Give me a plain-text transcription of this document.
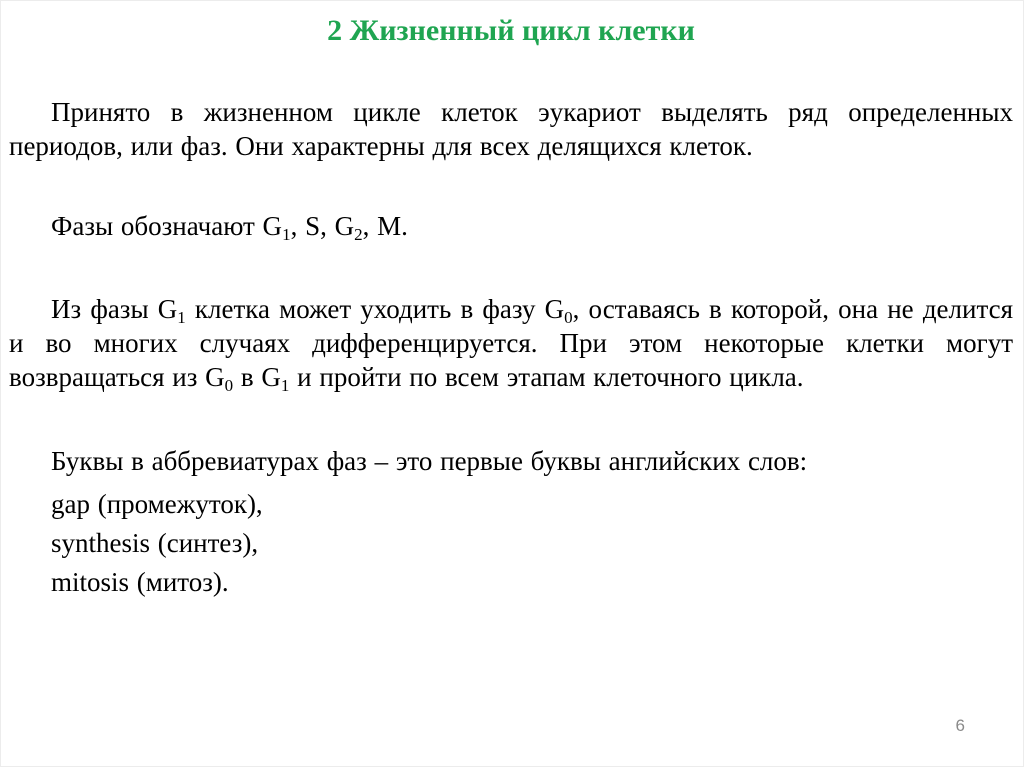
2 Жизненный цикл клетки

Принято в жизненном цикле клеток эукариот выделять ряд определенных периодов, или фаз. Они характерны для всех делящихся клеток.

Фазы обозначают $G_1$, S, $G_2$, M.

Из фазы $G_1$ клетка может уходить в фазу $G_0$, оставаясь в которой, она не делится и во многих случаях дифференцируется. При этом некоторые клетки могут возвращаться из $G_0$ в $G_1$ и пройти по всем этапам клеточного цикла.

Буквы в аббревиатурах фаз – это первые буквы английских слов:

gap (промежуток),

synthesis (синтез),

mitosis (митоз).

6
